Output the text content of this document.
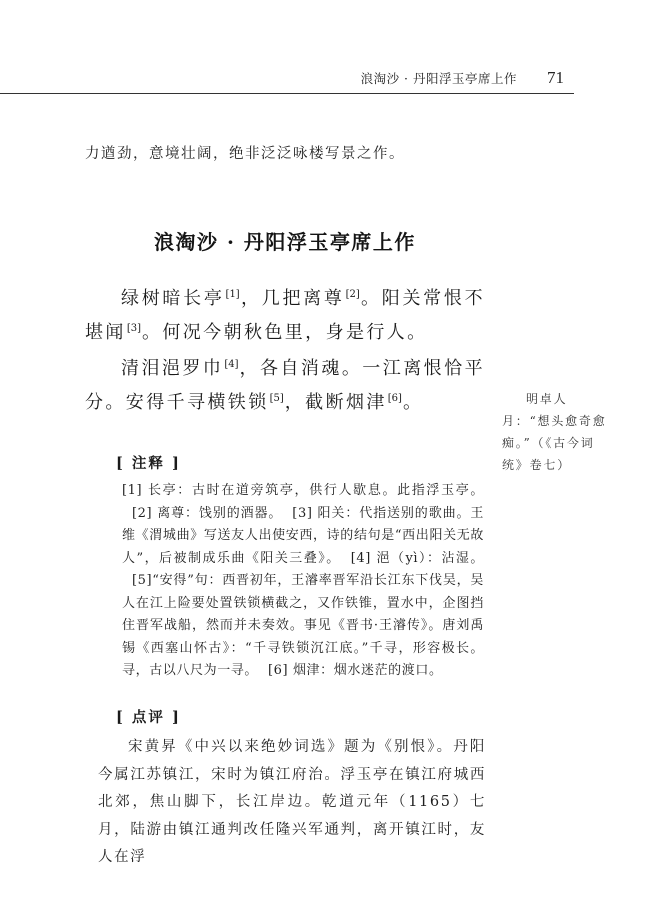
浪淘沙 · 丹阳浮玉亭席上作 71
力遒劲，意境壮阔，绝非泛泛咏楼写景之作。
浪淘沙 · 丹阳浮玉亭席上作

绿树暗长亭[1]，几把离尊[2]。阳关常恨不堪闻[3]。何况今朝秋色里，身是行人。

清泪浥罗巾[4]，各自消魂。一江离恨恰平分。安得千寻横铁锁[5]，截断烟津[6]。	明卓人月：“想头愈奇愈痴。”（《古今词统》卷七）

[ 注释 ]

[1] 长亭：古时在道旁筑亭，供行人歇息。此指浮玉亭。[2] 离尊：饯别的酒器。 [3] 阳关：代指送别的歌曲。王维《渭城曲》写送友人出使安西，诗的结句是“西出阳关无故人”，后被制成乐曲《阳关三叠》。 [4] 浥（yì）：沾湿。[5]“安得”句：西晋初年，王濬率晋军沿长江东下伐吴，吴人在江上险要处置铁锁横截之，又作铁锥，置水中，企图挡住晋军战船，然而并未奏效。事见《晋书·王濬传》。唐刘禹锡《西塞山怀古》：“千寻铁锁沉江底。”千寻，形容极长。寻，古以八尺为一寻。 [6] 烟津：烟水迷茫的渡口。

[ 点评 ]

宋黄昇《中兴以来绝妙词选》题为《别恨》。丹阳今属江苏镇江，宋时为镇江府治。浮玉亭在镇江府城西北郊，焦山脚下，长江岸边。乾道元年（1165）七月，陆游由镇江通判改任隆兴军通判，离开镇江时，友人在浮
